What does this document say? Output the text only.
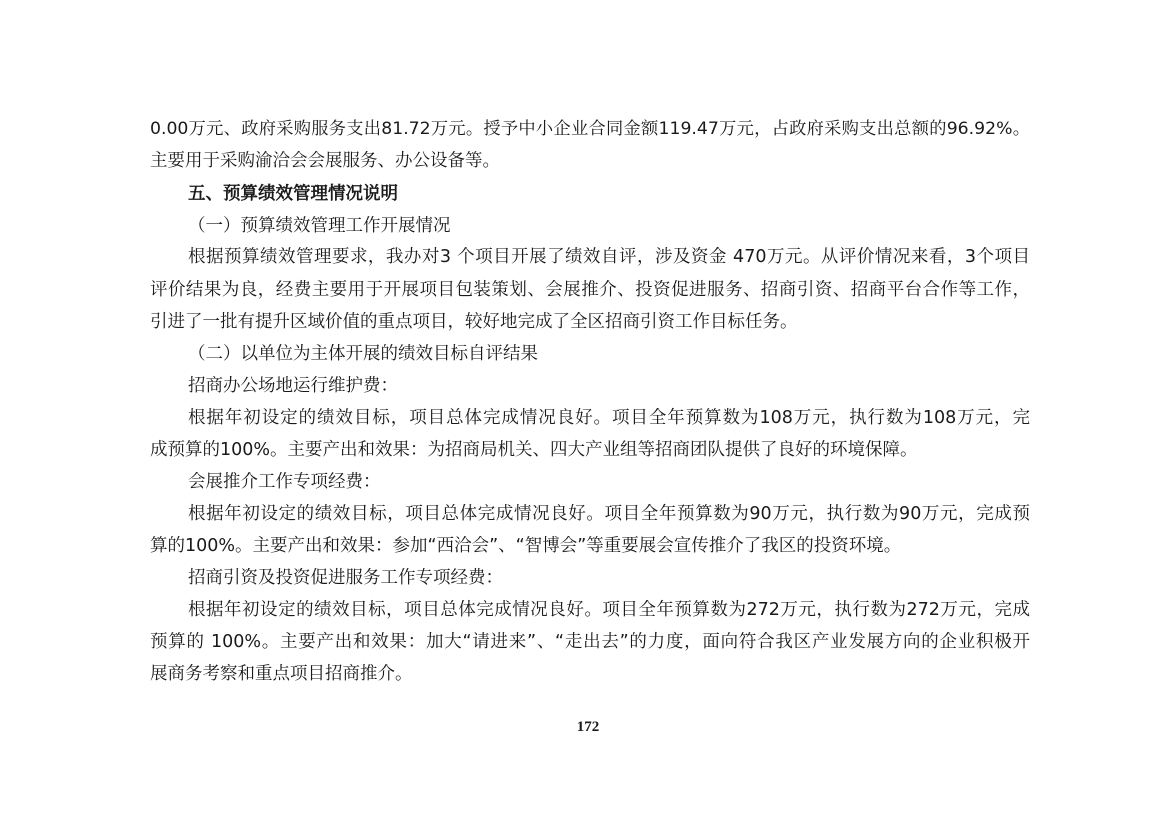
0.00万元、政府采购服务支出81.72万元。授予中小企业合同金额119.47万元，占政府采购支出总额的96.92%。
主要用于采购渝洽会会展服务、办公设备等。
五、预算绩效管理情况说明
（一）预算绩效管理工作开展情况
根据预算绩效管理要求，我办对3 个项目开展了绩效自评，涉及资金 470万元。从评价情况来看，3个项目
评价结果为良，经费主要用于开展项目包装策划、会展推介、投资促进服务、招商引资、招商平台合作等工作，
引进了一批有提升区域价值的重点项目，较好地完成了全区招商引资工作目标任务。
（二）以单位为主体开展的绩效目标自评结果
招商办公场地运行维护费：
根据年初设定的绩效目标，项目总体完成情况良好。项目全年预算数为108万元，执行数为108万元，完
成预算的100%。主要产出和效果：为招商局机关、四大产业组等招商团队提供了良好的环境保障。
会展推介工作专项经费：
根据年初设定的绩效目标，项目总体完成情况良好。项目全年预算数为90万元，执行数为90万元，完成预
算的100%。主要产出和效果：参加“西洽会”、“智博会”等重要展会宣传推介了我区的投资环境。
招商引资及投资促进服务工作专项经费：
根据年初设定的绩效目标，项目总体完成情况良好。项目全年预算数为272万元，执行数为272万元，完成
预算的 100%。主要产出和效果：加大“请进来”、“走出去”的力度，面向符合我区产业发展方向的企业积极开
展商务考察和重点项目招商推介。
172
